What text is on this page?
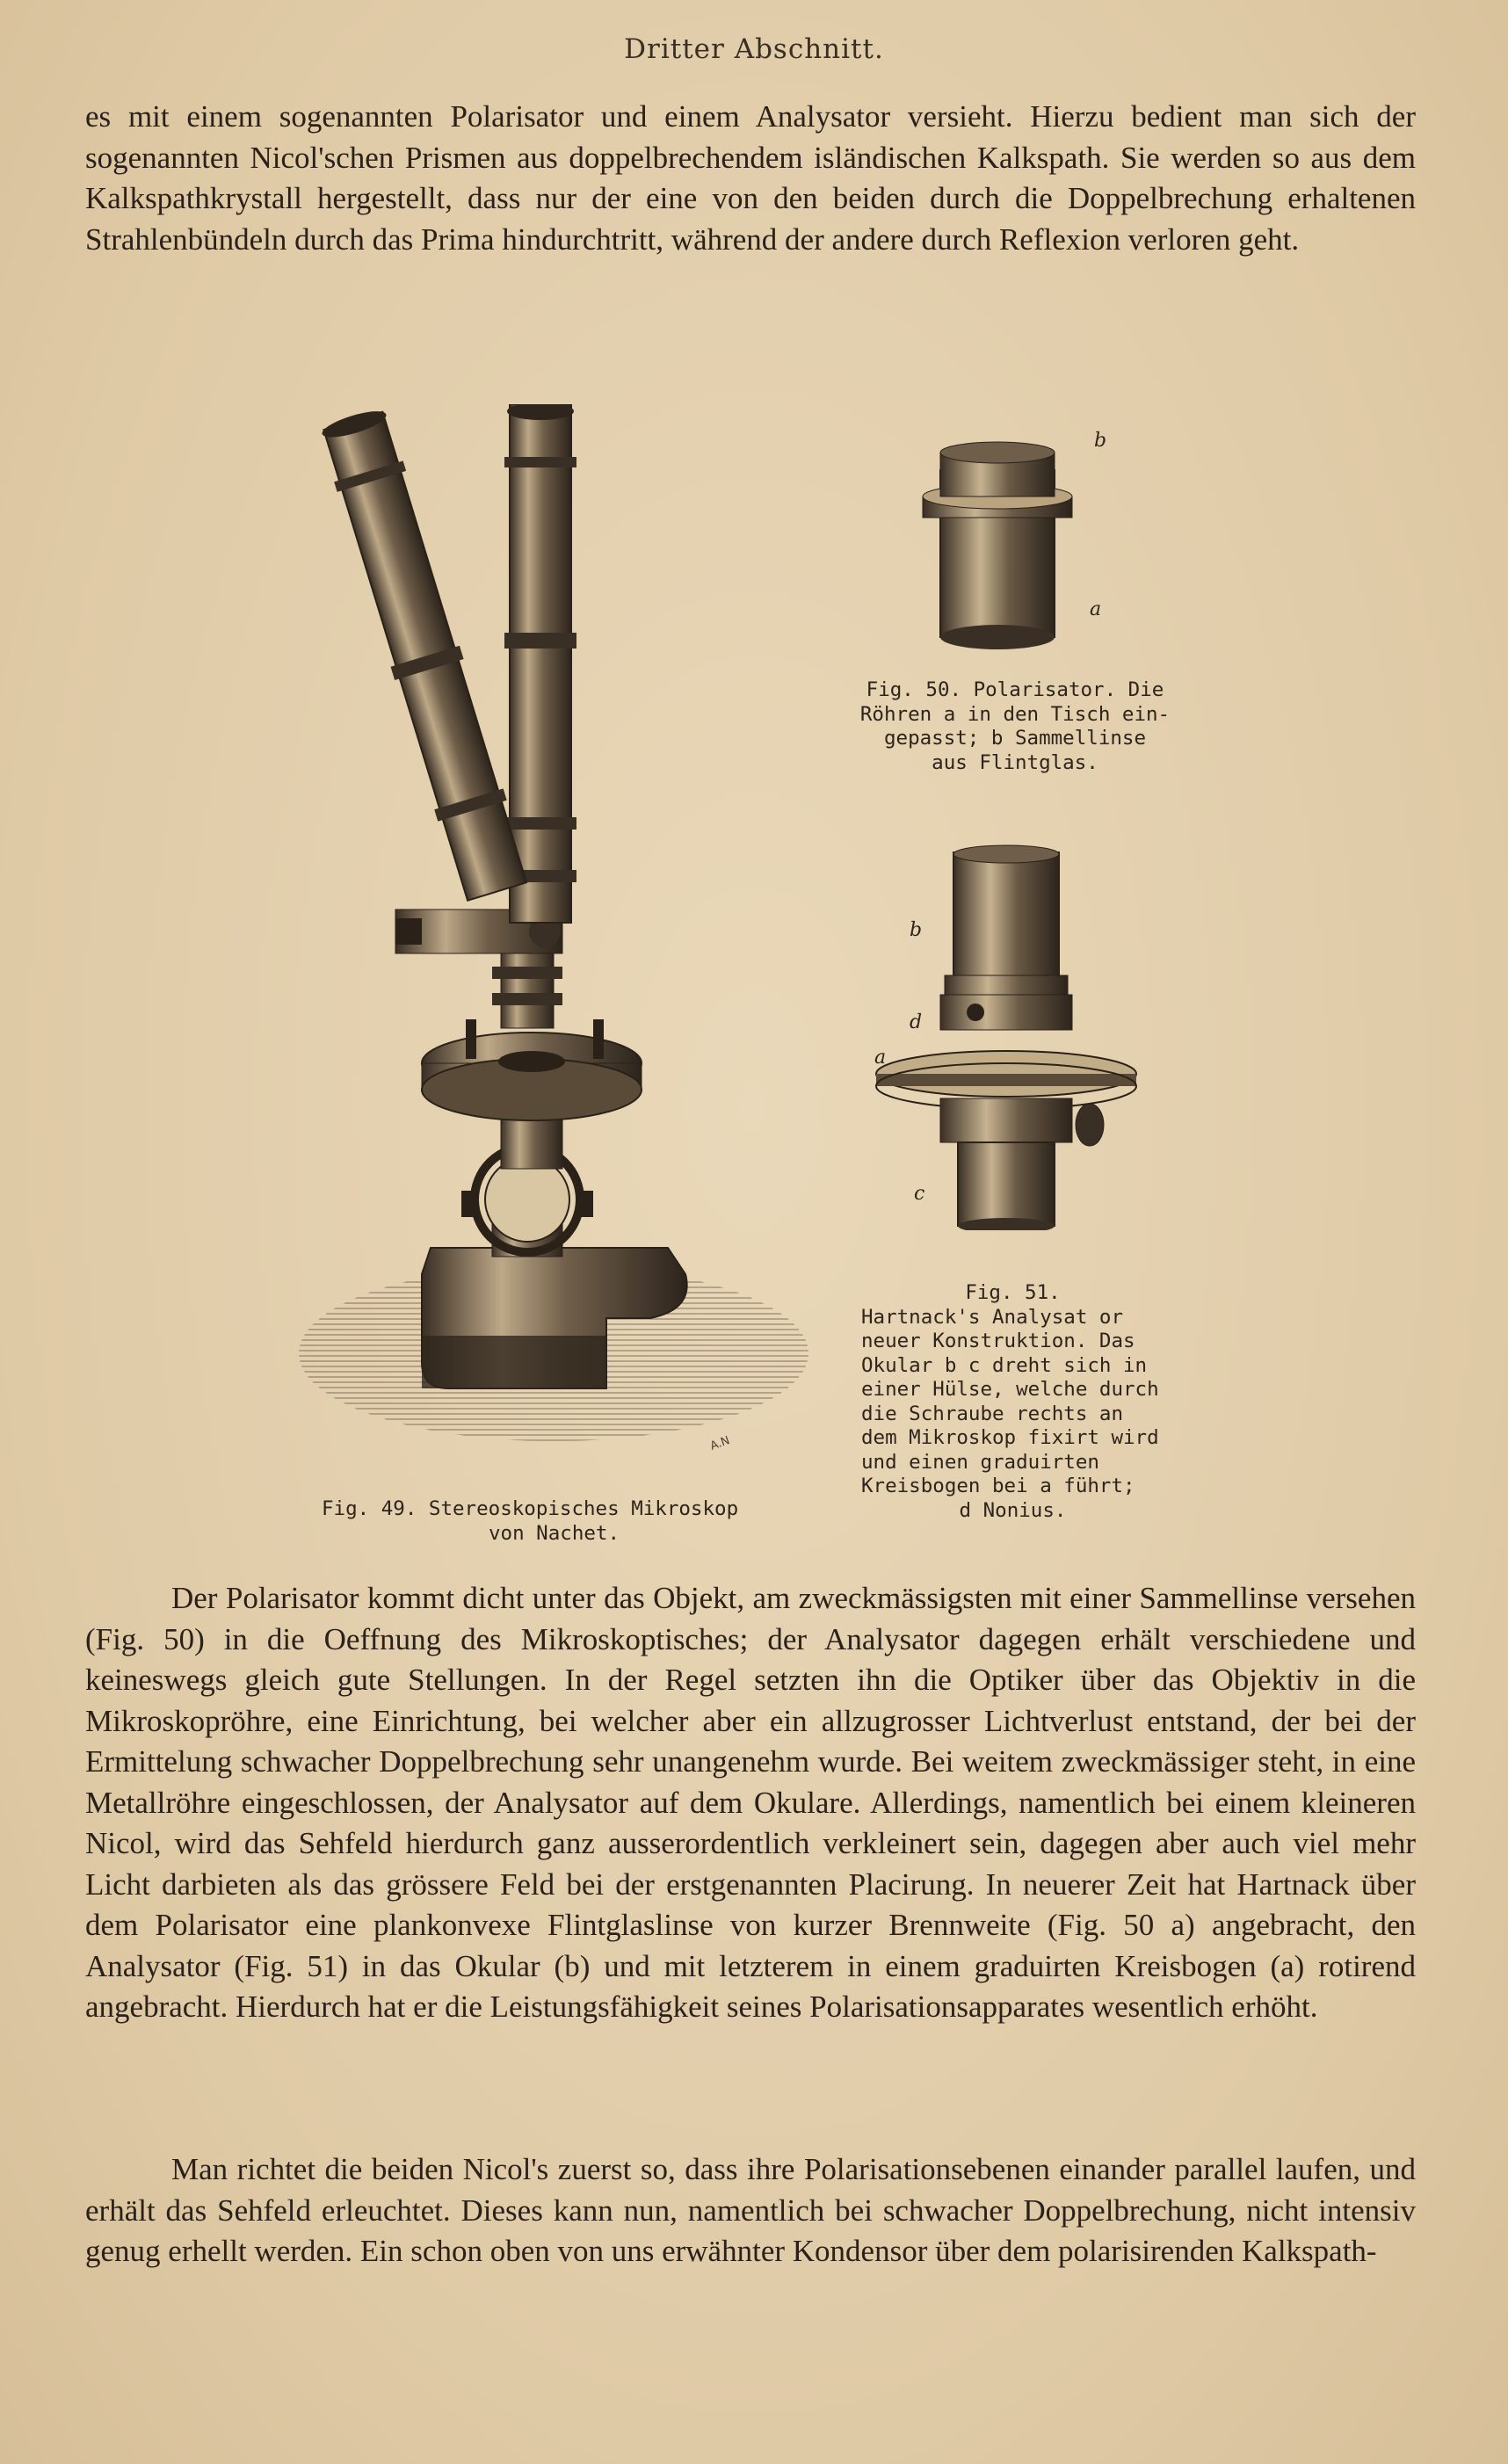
Dritter Abschnitt.

es mit einem sogenannten Polarisator und einem Analysator versieht. Hierzu bedient man sich der sogenannten Nicol'schen Prismen aus doppelbrechendem isländischen Kalkspath. Sie werden so aus dem Kalkspathkrystall hergestellt, dass nur der eine von den beiden durch die Doppelbrechung erhaltenen Strahlenbündeln durch das Prima hindurchtritt, während der andere durch Reflexion verloren geht.

A.N
Fig. 49. Stereoskopisches Mikroskop
von Nachet.
b
a
Fig. 50. Polarisator. Die
Röhren a in den Tisch ein-
gepasst; b Sammellinse
aus Flintglas.
b
d
a
c
Fig. 51.
Hartnack's Analysat or
neuer Konstruktion. Das
Okular b c dreht sich in
einer Hülse, welche durch
die Schraube rechts an
dem Mikroskop fixirt wird
und einen graduirten
Kreisbogen bei a führt;
d Nonius.

Der Polarisator kommt dicht unter das Objekt, am zweckmässigsten mit einer Sammellinse versehen (Fig. 50) in die Oeffnung des Mikroskoptisches; der Analysator dagegen erhält verschiedene und keineswegs gleich gute Stellungen. In der Regel setzten ihn die Optiker über das Objektiv in die Mikroskopröhre, eine Einrichtung, bei welcher aber ein allzugrosser Lichtverlust entstand, der bei der Ermittelung schwacher Doppelbrechung sehr unangenehm wurde. Bei weitem zweckmässiger steht, in eine Metallröhre eingeschlossen, der Analysator auf dem Okulare. Allerdings, namentlich bei einem kleineren Nicol, wird das Sehfeld hierdurch ganz ausserordentlich verkleinert sein, dagegen aber auch viel mehr Licht darbieten als das grössere Feld bei der erstgenannten Placirung. In neuerer Zeit hat Hartnack über dem Polarisator eine plankonvexe Flintglaslinse von kurzer Brennweite (Fig. 50 a) angebracht, den Analysator (Fig. 51) in das Okular (b) und mit letzterem in einem graduirten Kreisbogen (a) rotirend angebracht. Hierdurch hat er die Leistungsfähigkeit seines Polarisationsapparates wesentlich erhöht.

Man richtet die beiden Nicol's zuerst so, dass ihre Polarisationsebenen einander parallel laufen, und erhält das Sehfeld erleuchtet. Dieses kann nun, namentlich bei schwacher Doppelbrechung, nicht intensiv genug erhellt werden. Ein schon oben von uns erwähnter Kondensor über dem polarisirenden Kalkspath-
